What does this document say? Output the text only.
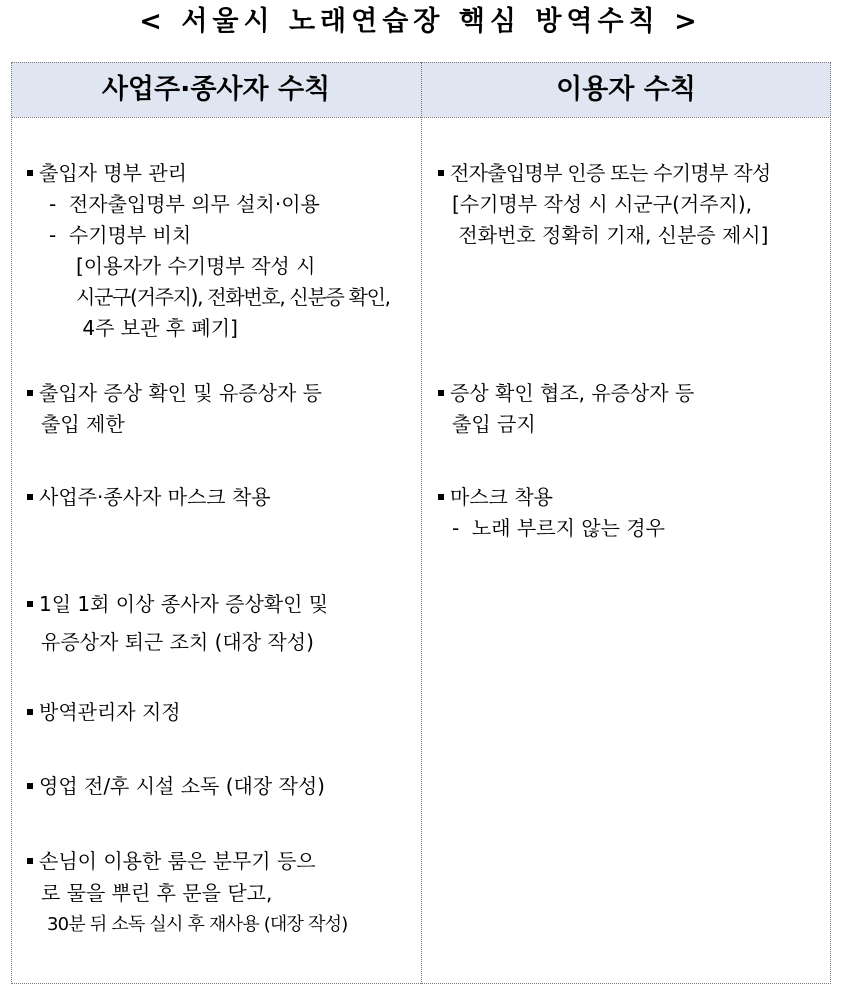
< 서울시 노래연습장 핵심 방역수칙 >
사업주·종사자 수칙	이용자 수칙
출입자 명부 관리
-  전자출입명부 의무 설치·이용
-  수기명부 비치
[이용자가 수기명부 작성 시
시군구(거주지), 전화번호, 신분증 확인,
4주 보관 후 폐기]
출입자 증상 확인 및 유증상자 등
출입 제한
사업주·종사자 마스크 착용
1일 1회 이상 종사자 증상확인 및
유증상자 퇴근 조치 (대장 작성)
방역관리자 지정
영업 전/후 시설 소독 (대장 작성)
손님이 이용한 룸은 분무기 등으
로 물을 뿌린 후 문을 닫고,
30분 뒤 소독 실시 후 재사용 (대장 작성)
전자출입명부 인증 또는 수기명부 작성
[수기명부 작성 시 시군구(거주지),
전화번호 정확히 기재, 신분증 제시]
증상 확인 협조, 유증상자 등
출입 금지
마스크 착용
-  노래 부르지 않는 경우
